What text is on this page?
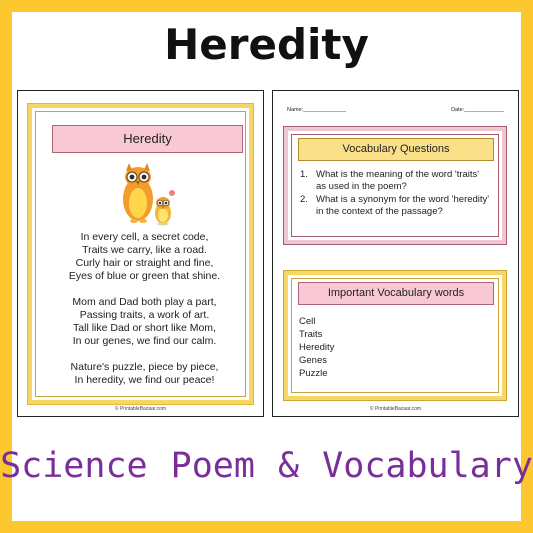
Heredity
Heredity
In every cell, a secret code,
Traits we carry, like a road.
Curly hair or straight and fine,
Eyes of blue or green that shine.
Mom and Dad both play a part,
Passing traits, a work of art.
Tall like Dad or short like Mom,
In our genes, we find our calm.
Nature's puzzle, piece by piece,
In heredity, we find our peace!
© PrintableBazaar.com
Name:______________	Date:_____________
Vocabulary Questions
1. What is the meaning of the word 'traits' as used in the poem?
2. What is a synonym for the word 'heredity' in the context of the passage?
Important Vocabulary words
Cell
Traits
Heredity
Genes
Puzzle
© PrintableBazaar.com
Science Poem & Vocabulary
